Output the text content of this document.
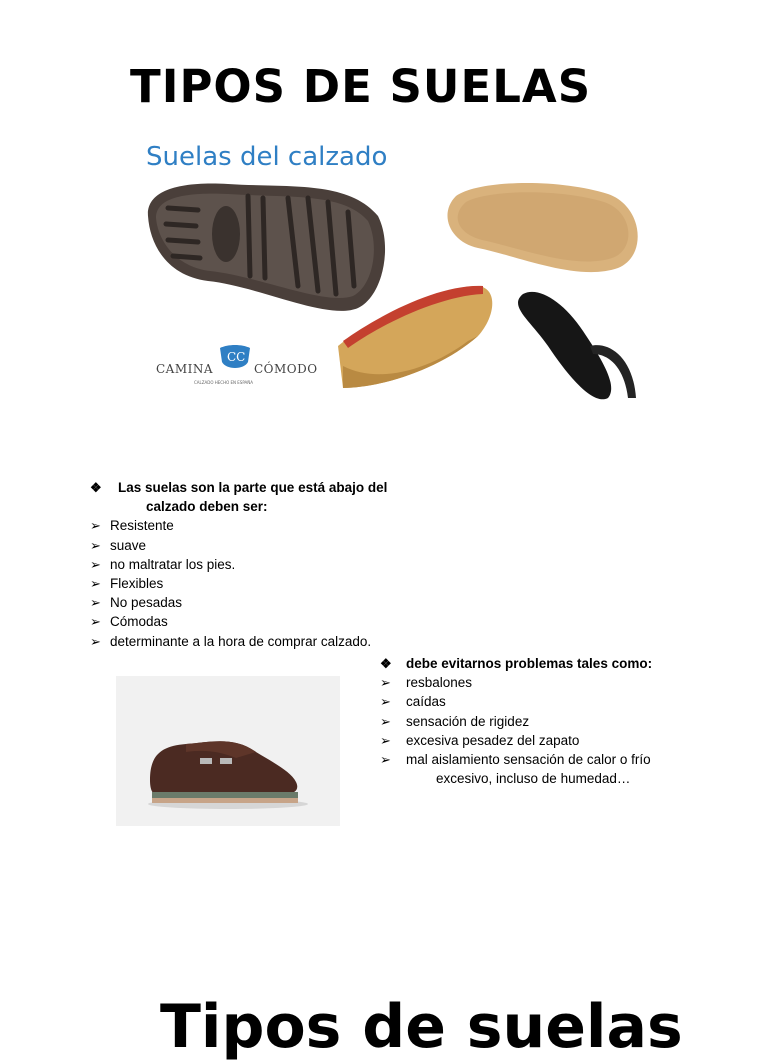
TIPOS DE SUELAS
Suelas del calzado
CAMINA
CC
CÓMODO
CALZADO HECHO EN ESPAÑA
❖ Las suelas son la parte que está abajo del
calzado deben ser:
➢ Resistente
➢ suave
➢ no maltratar los pies.
➢ Flexibles
➢ No pesadas
➢ Cómodas
➢ determinante a la hora de comprar calzado.
❖ debe evitarnos problemas tales como:
➢ resbalones
➢ caídas
➢ sensación de rigidez
➢ excesiva pesadez del zapato
➢ mal aislamiento sensación de calor o frío
excesivo, incluso de humedad…
Tipos de suelas
